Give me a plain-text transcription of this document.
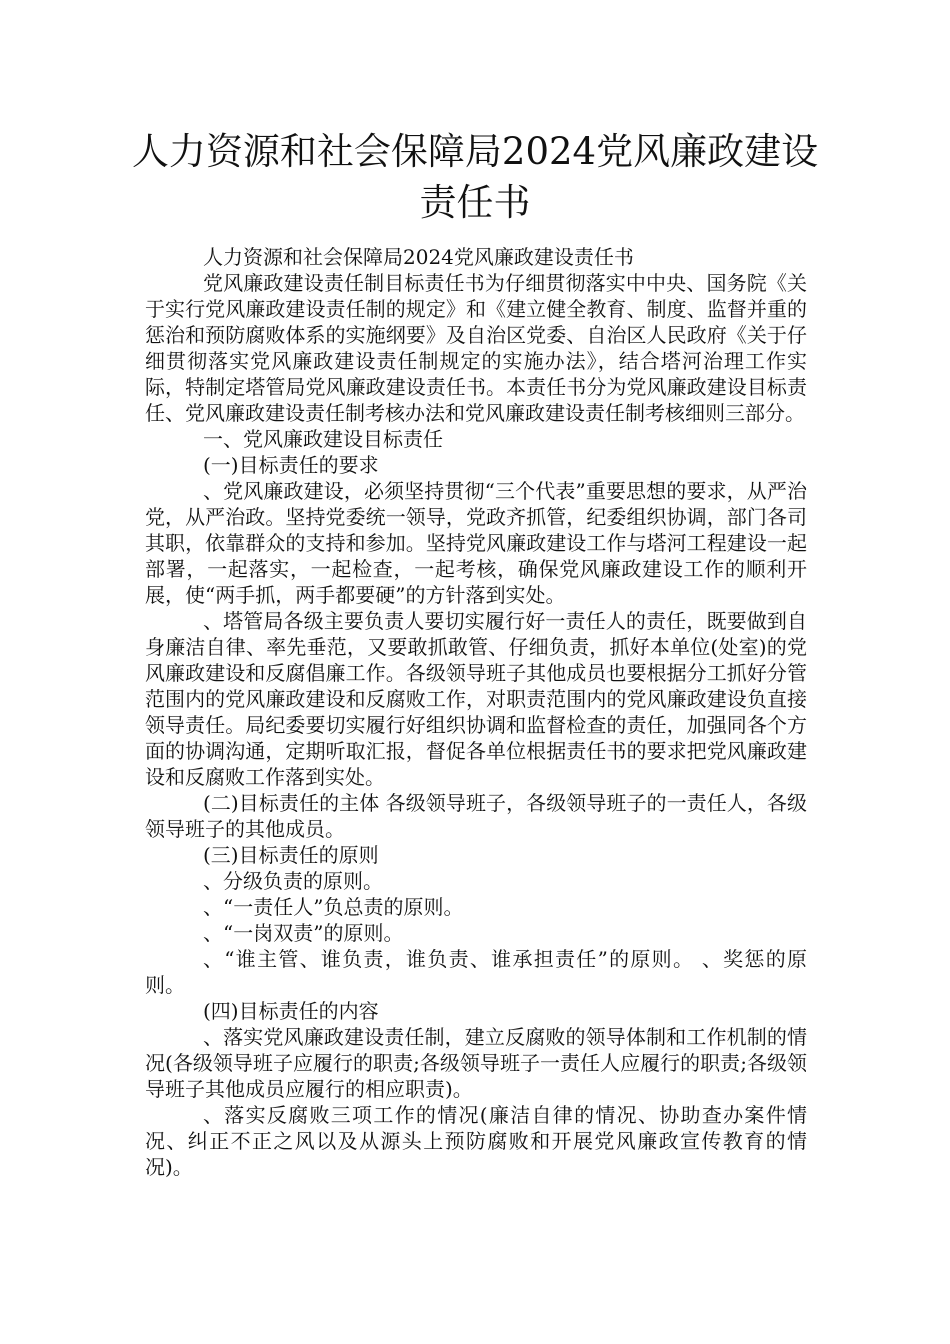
人力资源和社会保障局2024党风廉政建设
责任书

人力资源和社会保障局2024党风廉政建设责任书

党风廉政建设责任制目标责任书为仔细贯彻落实中中央、国务院《关于实行党风廉政建设责任制的规定》和《建立健全教育、制度、监督并重的惩治和预防腐败体系的实施纲要》及自治区党委、自治区人民政府《关于仔细贯彻落实党风廉政建设责任制规定的实施办法》，结合塔河治理工作实际，特制定塔管局党风廉政建设责任书。本责任书分为党风廉政建设目标责任、党风廉政建设责任制考核办法和党风廉政建设责任制考核细则三部分。

一、党风廉政建设目标责任

(一)目标责任的要求

、党风廉政建设，必须坚持贯彻“三个代表”重要思想的要求，从严治党，从严治政。坚持党委统一领导，党政齐抓管，纪委组织协调，部门各司其职，依靠群众的支持和参加。坚持党风廉政建设工作与塔河工程建设一起部署，一起落实，一起检查，一起考核，确保党风廉政建设工作的顺利开展，使“两手抓，两手都要硬”的方针落到实处。

、塔管局各级主要负责人要切实履行好一责任人的责任，既要做到自身廉洁自律、率先垂范，又要敢抓敢管、仔细负责，抓好本单位(处室)的党风廉政建设和反腐倡廉工作。各级领导班子其他成员也要根据分工抓好分管范围内的党风廉政建设和反腐败工作，对职责范围内的党风廉政建设负直接领导责任。局纪委要切实履行好组织协调和监督检查的责任，加强同各个方面的协调沟通，定期听取汇报，督促各单位根据责任书的要求把党风廉政建设和反腐败工作落到实处。

(二)目标责任的主体 各级领导班子，各级领导班子的一责任人，各级领导班子的其他成员。

(三)目标责任的原则

、分级负责的原则。

、“一责任人”负总责的原则。

、“一岗双责”的原则。

、“谁主管、谁负责，谁负责、谁承担责任”的原则。 、奖惩的原则。

(四)目标责任的内容

、落实党风廉政建设责任制，建立反腐败的领导体制和工作机制的情况(各级领导班子应履行的职责;各级领导班子一责任人应履行的职责;各级领导班子其他成员应履行的相应职责)。

、落实反腐败三项工作的情况(廉洁自律的情况、协助查办案件情况、纠正不正之风以及从源头上预防腐败和开展党风廉政宣传教育的情况)。
